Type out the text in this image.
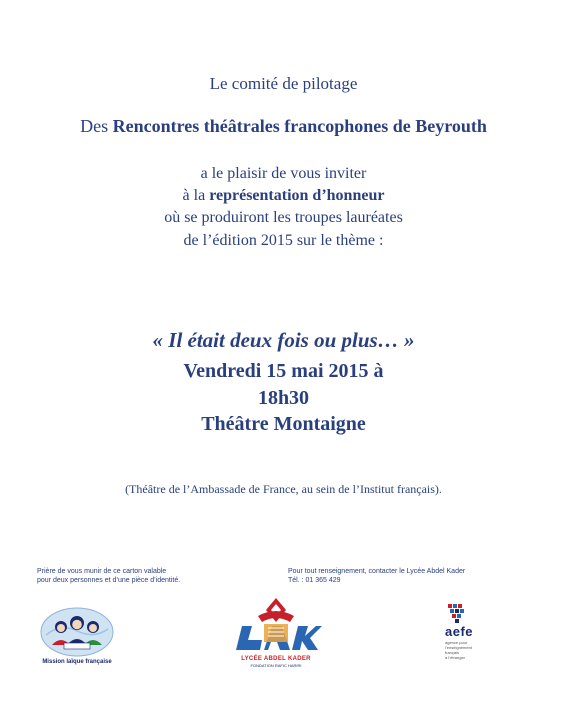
Le comité de pilotage
Des Rencontres théâtrales francophones de Beyrouth
a le plaisir de vous inviter
à la représentation d’honneur
où se produiront les troupes lauréates
de l’édition 2015 sur le thème :
« Il était deux fois ou plus… »
Vendredi 15 mai 2015 à
18h30
Théâtre Montaigne
(Théâtre de l’Ambassade de France, au sein de l’Institut français).
Prière de vous munir de ce carton valable
pour deux personnes et d’une pièce d’identité.
Pour tout renseignement, contacter le Lycée Abdel Kader
Tél. : 01 365 429
Mission laïque française	LYCÉE ABDEL KADER
FONDATION RAFIC HARIRI
aefe
agence pour
l’enseignement
français
à l’étranger
